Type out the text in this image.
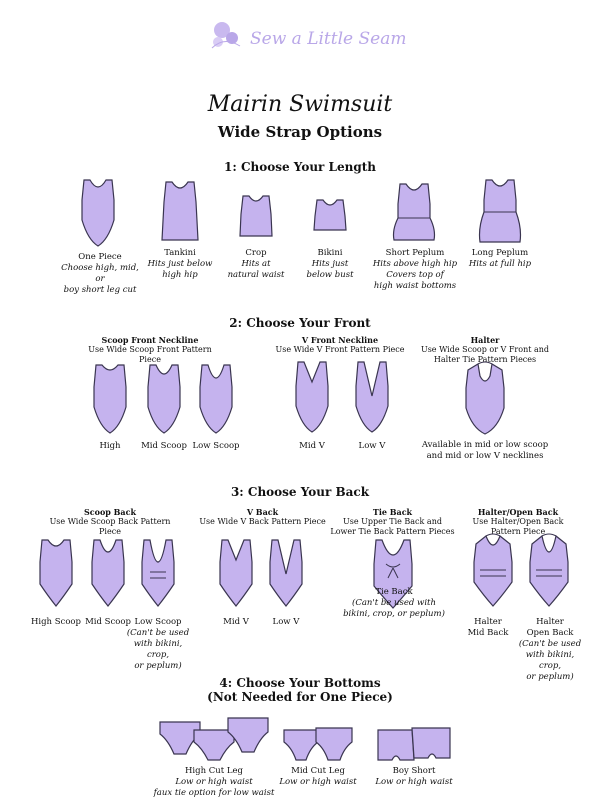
Sew a Little Seam
Mairin Swimsuit
Wide Strap Options
1: Choose Your Length
One Piece
Choose high, mid, or
boy short leg cut
Tankini
Hits just below
high hip
Crop
Hits at
natural waist
Bikini
Hits just
below bust
Short Peplum
Hits above high hip
Covers top of
high waist bottoms
Long Peplum
Hits at full hip
2: Choose Your Front
Scoop Front Neckline
Use Wide Scoop Front Pattern Piece
V Front Neckline
Use Wide V Front Pattern Piece
Halter
Use Wide Scoop or V Front and
Halter Tie Pattern Pieces
High	Mid Scoop Low Scoop	Mid V	Low V	Available in mid or low scoop
and mid or low V necklines
3: Choose Your Back
Scoop Back
Use Wide Scoop Back Pattern Piece
V Back
Use Wide V Back Pattern Piece
Tie Back
Use Upper Tie Back and
Lower Tie Back Pattern Pieces
Halter/Open Back
Use Halter/Open Back
Pattern Piece
High Scoop Mid Scoop Low Scoop
(Can't be used
with bikini, crop,
or peplum)
Mid V	Low V
Tie Back
(Can't be used with
bikini, crop, or peplum)
Halter
Mid Back
Halter
Open Back
(Can't be used
with bikini, crop,
or peplum)
4: Choose Your Bottoms
(Not Needed for One Piece)
High Cut Leg
Low or high waist
faux tie option for low waist
Mid Cut Leg
Low or high waist
Boy Short
Low or high waist
